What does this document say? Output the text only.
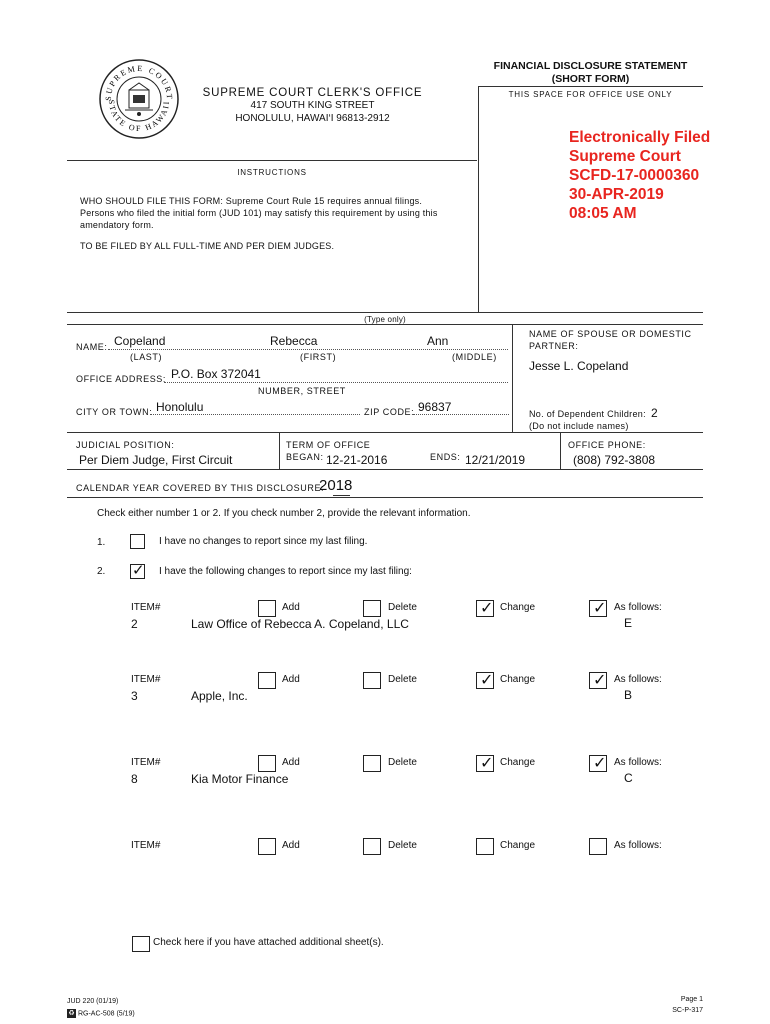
SUPREME COURT
STATE OF HAWAII
SUPREME COURT CLERK'S OFFICE
417 SOUTH KING STREET
HONOLULU, HAWAI‘I 96813-2912
FINANCIAL DISCLOSURE STATEMENT
(SHORT FORM)
THIS SPACE FOR OFFICE USE ONLY
Electronically Filed
Supreme Court
SCFD-17-0000360
30-APR-2019
08:05 AM
INSTRUCTIONS
WHO SHOULD FILE THIS FORM: Supreme Court Rule 15 requires annual filings.
Persons who filed the initial form (JUD 101) may satisfy this requirement by using this
amendatory form.
TO BE FILED BY ALL FULL-TIME AND PER DIEM JUDGES.
(Type only)
NAME: Copeland	Rebecca	Ann
(LAST)	(FIRST)	(MIDDLE)
NAME OF SPOUSE OR DOMESTIC
PARTNER:
Jesse L. Copeland
OFFICE ADDRESS: P.O. Box 372041
NUMBER, STREET
CITY OR TOWN: Honolulu	ZIP CODE: 96837	No. of Dependent Children: 2
(Do not include names)
JUDICIAL POSITION:
Per Diem Judge, First Circuit
TERM OF OFFICE
BEGAN: 12-21-2016	ENDS: 12/21/2019
OFFICE PHONE:
(808) 792-3808
CALENDAR YEAR COVERED BY THIS DISCLOSURE:
2018
Check either number 1 or 2. If you check number 2, provide the relevant information.
1.	I have no changes to report since my last filing.
2. ✓ I have the following changes to report since my last filing:
ITEM#
2	Law Office of Rebecca A. Copeland, LLC
Add	Delete	✓ Change	✓ As follows:
E
ITEM#
3	Apple, Inc.
Add	Delete	✓ Change	✓ As follows:
B
ITEM#
8	Kia Motor Finance
Add	Delete	✓ Change	✓ As follows:
C
ITEM#	Add	Delete	Change	As follows:
Check here if you have attached additional sheet(s).
JUD 220 (01/19)
♻ RG-AC-508 (5/19)
Page 1
SC-P-317
